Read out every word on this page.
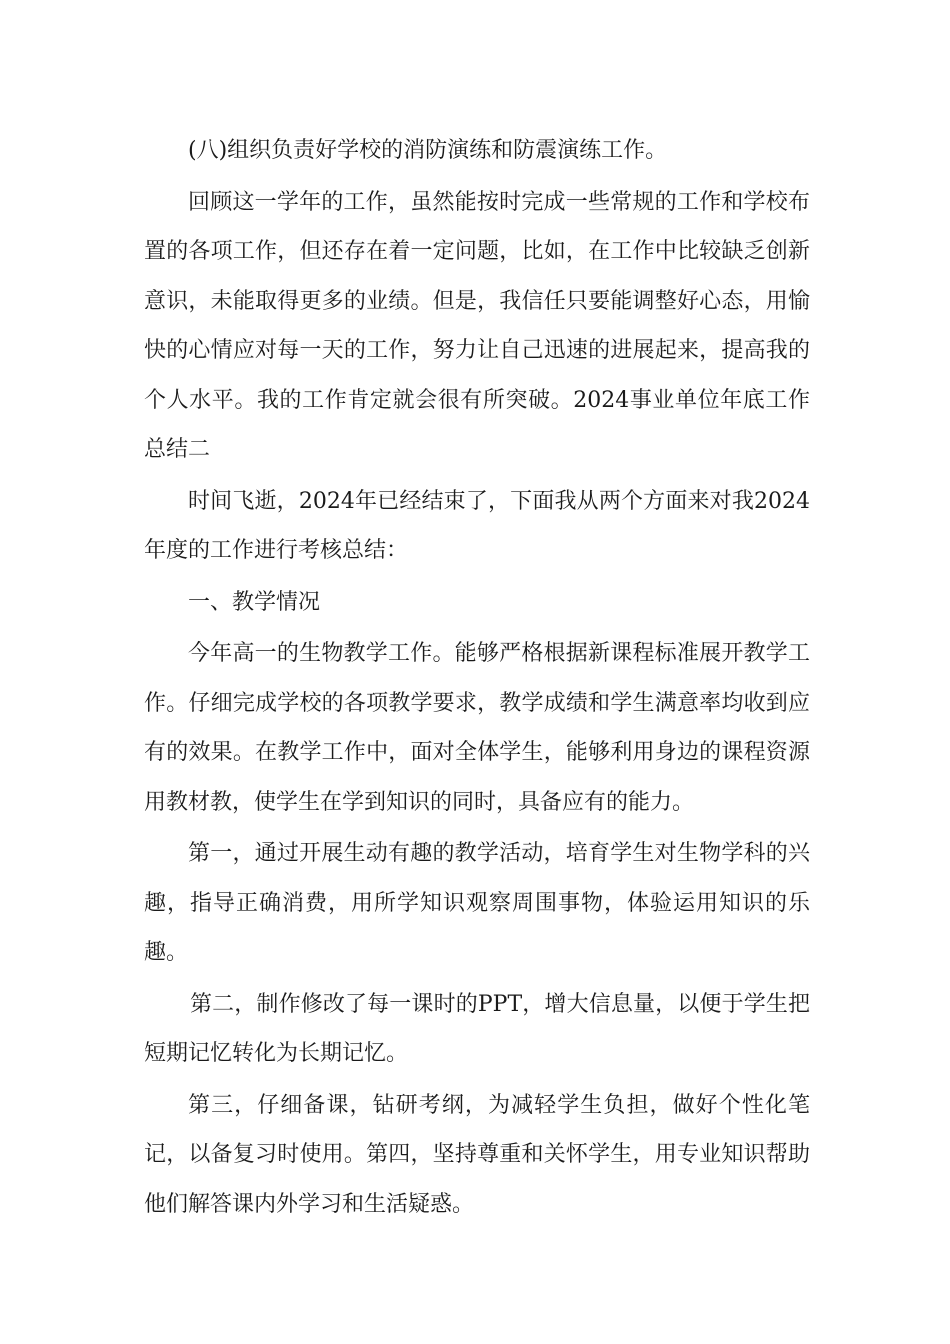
(八)组织负责好学校的消防演练和防震演练工作。

回顾这一学年的工作，虽然能按时完成一些常规的工作和学校布置的各项工作，但还存在着一定问题，比如，在工作中比较缺乏创新意识，未能取得更多的业绩。但是，我信任只要能调整好心态，用愉快的心情应对每一天的工作，努力让自己迅速的进展起来，提高我的个人水平。我的工作肯定就会很有所突破。2024事业单位年底工作总结二

时间飞逝，2024年已经结束了，下面我从两个方面来对我2024年度的工作进行考核总结：

一、教学情况

今年高一的生物教学工作。能够严格根据新课程标准展开教学工作。仔细完成学校的各项教学要求，教学成绩和学生满意率均收到应有的效果。在教学工作中，面对全体学生，能够利用身边的课程资源用教材教，使学生在学到知识的同时，具备应有的能力。

第一，通过开展生动有趣的教学活动，培育学生对生物学科的兴趣，指导正确消费，用所学知识观察周围事物，体验运用知识的乐趣。

第二，制作修改了每一课时的PPT，增大信息量，以便于学生把短期记忆转化为长期记忆。

第三，仔细备课，钻研考纲，为减轻学生负担，做好个性化笔记，以备复习时使用。第四，坚持尊重和关怀学生，用专业知识帮助他们解答课内外学习和生活疑惑。
